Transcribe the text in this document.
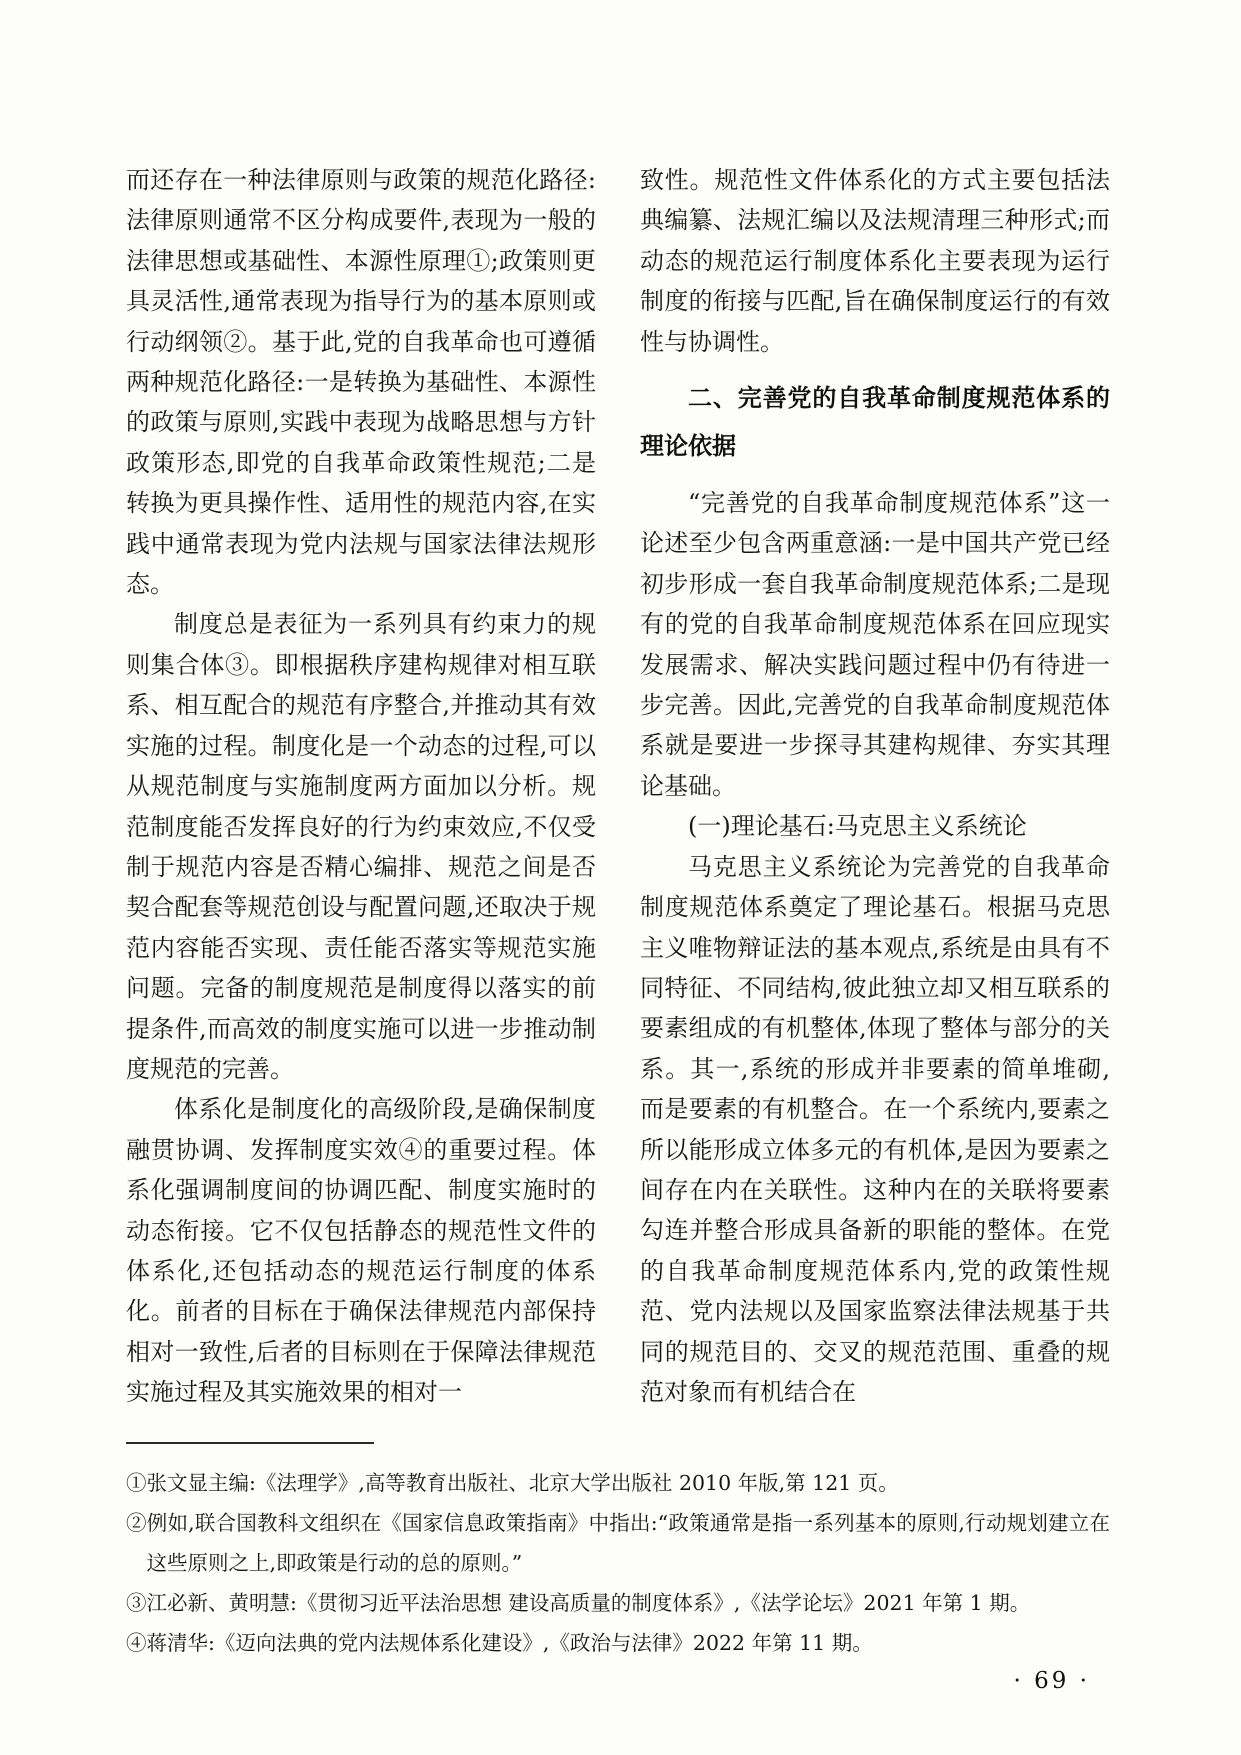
而还存在一种法律原则与政策的规范化路径:法律原则通常不区分构成要件,表现为一般的法律思想或基础性、本源性原理①;政策则更具灵活性,通常表现为指导行为的基本原则或行动纲领②。基于此,党的自我革命也可遵循两种规范化路径:一是转换为基础性、本源性的政策与原则,实践中表现为战略思想与方针政策形态,即党的自我革命政策性规范;二是转换为更具操作性、适用性的规范内容,在实践中通常表现为党内法规与国家法律法规形态。

制度总是表征为一系列具有约束力的规则集合体③。即根据秩序建构规律对相互联系、相互配合的规范有序整合,并推动其有效实施的过程。制度化是一个动态的过程,可以从规范制度与实施制度两方面加以分析。规范制度能否发挥良好的行为约束效应,不仅受制于规范内容是否精心编排、规范之间是否契合配套等规范创设与配置问题,还取决于规范内容能否实现、责任能否落实等规范实施问题。完备的制度规范是制度得以落实的前提条件,而高效的制度实施可以进一步推动制度规范的完善。

体系化是制度化的高级阶段,是确保制度融贯协调、发挥制度实效④的重要过程。体系化强调制度间的协调匹配、制度实施时的动态衔接。它不仅包括静态的规范性文件的体系化,还包括动态的规范运行制度的体系化。前者的目标在于确保法律规范内部保持相对一致性,后者的目标则在于保障法律规范实施过程及其实施效果的相对一

致性。规范性文件体系化的方式主要包括法典编纂、法规汇编以及法规清理三种形式;而动态的规范运行制度体系化主要表现为运行制度的衔接与匹配,旨在确保制度运行的有效性与协调性。

二、完善党的自我革命制度规范体系的理论依据

“完善党的自我革命制度规范体系”这一论述至少包含两重意涵:一是中国共产党已经初步形成一套自我革命制度规范体系;二是现有的党的自我革命制度规范体系在回应现实发展需求、解决实践问题过程中仍有待进一步完善。因此,完善党的自我革命制度规范体系就是要进一步探寻其建构规律、夯实其理论基础。

(一)理论基石:马克思主义系统论

马克思主义系统论为完善党的自我革命制度规范体系奠定了理论基石。根据马克思主义唯物辩证法的基本观点,系统是由具有不同特征、不同结构,彼此独立却又相互联系的要素组成的有机整体,体现了整体与部分的关系。其一,系统的形成并非要素的简单堆砌,而是要素的有机整合。在一个系统内,要素之所以能形成立体多元的有机体,是因为要素之间存在内在关联性。这种内在的关联将要素勾连并整合形成具备新的职能的整体。在党的自我革命制度规范体系内,党的政策性规范、党内法规以及国家监察法律法规基于共同的规范目的、交叉的规范范围、重叠的规范对象而有机结合在

①张文显主编:《法理学》,高等教育出版社、北京大学出版社 2010 年版,第 121 页。

②例如,联合国教科文组织在《国家信息政策指南》中指出:“政策通常是指一系列基本的原则,行动规划建立在这些原则之上,即政策是行动的总的原则。”

③江必新、黄明慧:《贯彻习近平法治思想 建设高质量的制度体系》,《法学论坛》2021 年第 1 期。

④蒋清华:《迈向法典的党内法规体系化建设》,《政治与法律》2022 年第 11 期。

· 69 ·
